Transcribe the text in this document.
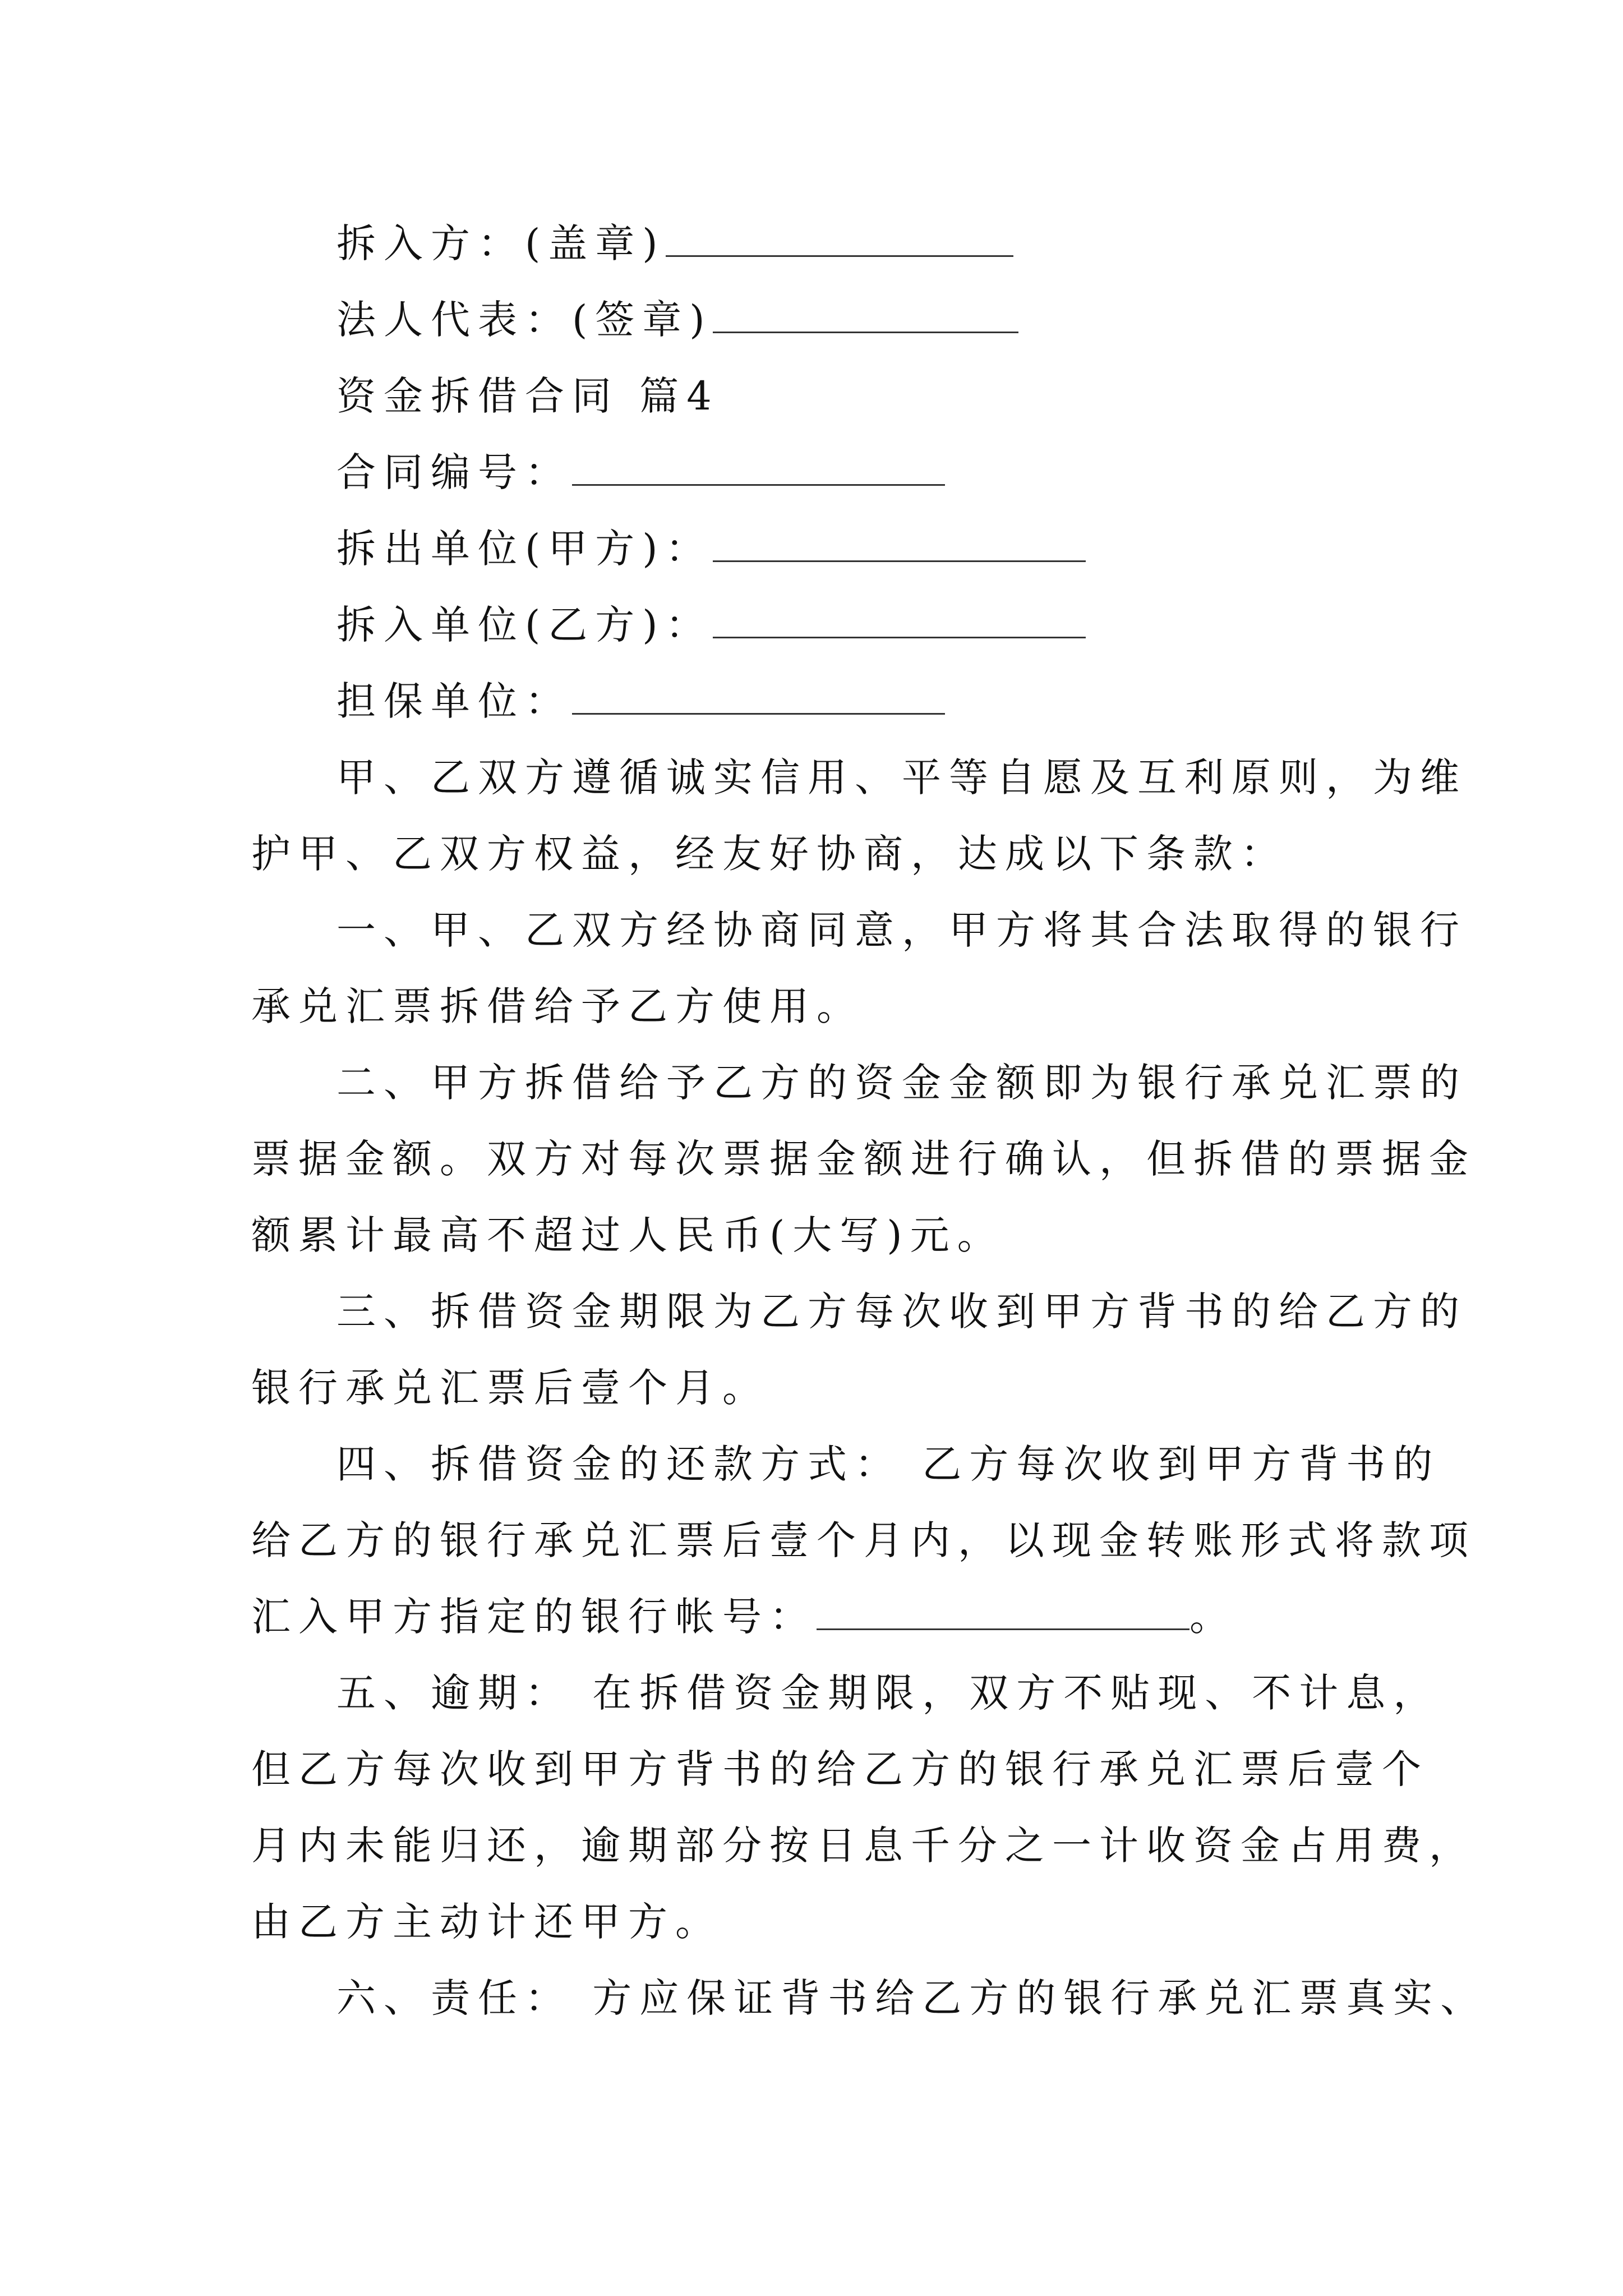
拆入方：(盖章)
法人代表：(签章)
资金拆借合同 篇4
合同编号：
拆出单位(甲方)：
拆入单位(乙方)：
担保单位：
甲、乙双方遵循诚实信用、平等自愿及互利原则，为维
护甲、乙双方权益，经友好协商，达成以下条款：
一、甲、乙双方经协商同意，甲方将其合法取得的银行
承兑汇票拆借给予乙方使用。
二、甲方拆借给予乙方的资金金额即为银行承兑汇票的
票据金额。双方对每次票据金额进行确认，但拆借的票据金
额累计最高不超过人民币(大写)元。
三、拆借资金期限为乙方每次收到甲方背书的给乙方的
银行承兑汇票后壹个月。
四、拆借资金的还款方式： 乙方每次收到甲方背书的
给乙方的银行承兑汇票后壹个月内，以现金转账形式将款项
汇入甲方指定的银行帐号：	。
五、逾期： 在拆借资金期限，双方不贴现、不计息，
但乙方每次收到甲方背书的给乙方的银行承兑汇票后壹个
月内未能归还，逾期部分按日息千分之一计收资金占用费，
由乙方主动计还甲方。
六、责任： 方应保证背书给乙方的银行承兑汇票真实、
